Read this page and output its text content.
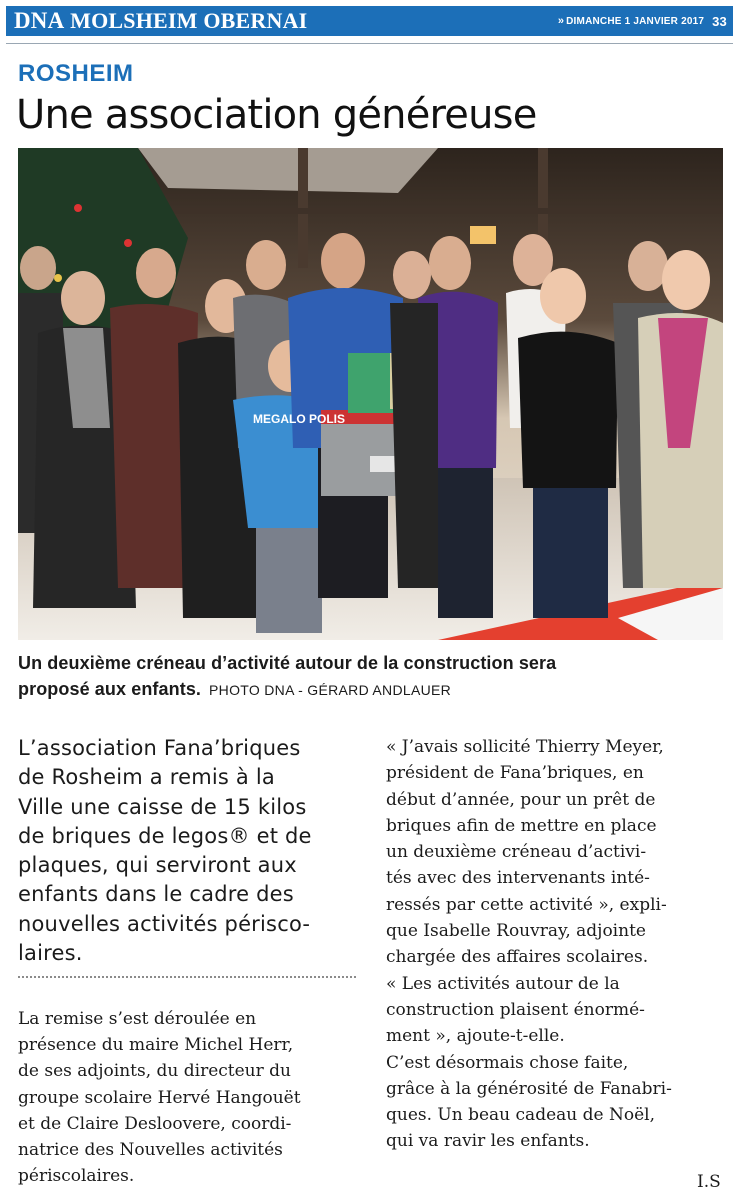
DNA MOLSHEIM OBERNAI	» DIMANCHE 1 JANVIER 2017 33
ROSHEIM
Une association généreuse
MEGALO POLIS
Un deuxième créneau d’activité autour de la construction sera
proposé aux enfants. PHOTO DNA - GÉRARD ANDLAUER
L’association Fana’briques
de Rosheim a remis à la
Ville une caisse de 15 kilos
de briques de legos® et de
plaques, qui serviront aux
enfants dans le cadre des
nouvelles activités périsco-
laires.
La remise s’est déroulée en
présence du maire Michel Herr,
de ses adjoints, du directeur du
groupe scolaire Hervé Hangouët
et de Claire Desloovere, coordi-
natrice des Nouvelles activités
périscolaires.
« J’avais sollicité Thierry Meyer,
président de Fana’briques, en
début d’année, pour un prêt de
briques afin de mettre en place
un deuxième créneau d’activi-
tés avec des intervenants inté-
ressés par cette activité », expli-
que Isabelle Rouvray, adjointe
chargée des affaires scolaires.
« Les activités autour de la
construction plaisent énormé-
ment », ajoute-t-elle.
C’est désormais chose faite,
grâce à la générosité de Fanabri-
ques. Un beau cadeau de Noël,
qui va ravir les enfants.
I.S
